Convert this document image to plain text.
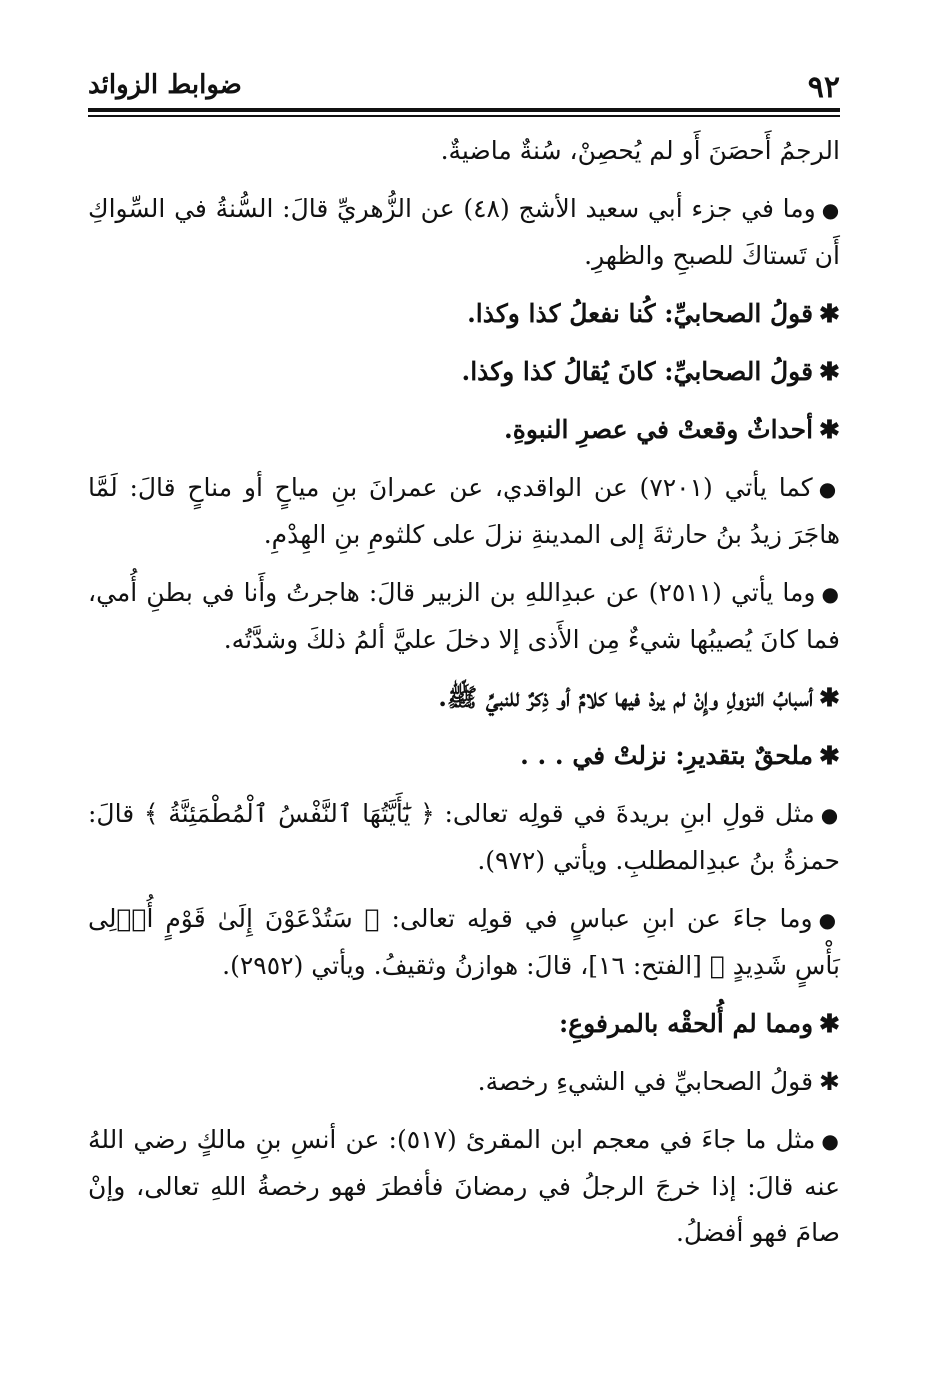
٩٢
ضوابط الزوائد

الرجمُ أَحصَنَ أَو لم يُحصِنْ، سُنةٌ ماضيةٌ.

●وما في جزء أبي سعيد الأشج (٤٨) عن الزُّهريِّ قالَ: السُّنةُ في السِّواكِ أَن تَستاكَ للصبحِ والظهرِ.

✱قولُ الصحابيِّ: كُنا نفعلُ كذا وكذا.

✱قولُ الصحابيِّ: كانَ يُقالُ كذا وكذا.

✱أحداثٌ وقعتْ في عصرِ النبوةِ.

●كما يأتي (٧٢٠١) عن الواقدي، عن عمرانَ بنِ مياحٍ أو مناحٍ قالَ: لَمَّا هاجَرَ زيدُ بنُ حارثةَ إلى المدينةِ نزلَ على كلثومِ بنِ الهِدْمِ.

●وما يأتي (٢٥١١) عن عبدِاللهِ بن الزبير قالَ: هاجرتُ وأَنا في بطنِ أُمي، فما كانَ يُصيبُها شيءٌ مِن الأَذى إلا دخلَ عليَّ ألمُ ذلكَ وشدَّتُه.

✱أسبابُ النزولِ وإِنْ لم يردْ فيها كلامٌ أو ذِكرٌ للنبيِّ ﷺ.

✱ملحقٌ بتقديرِ: نزلتْ في . . .

●مثل قولِ ابنِ بريدةَ في قولِه تعالى: ﴿ يَٰٓأَيَّتُهَا ٱلنَّفْسُ ٱلْمُطْمَئِنَّةُ ﴾ قالَ: حمزةُ بنُ عبدِالمطلبِ. ويأتي (٩٧٢).

●وما جاءَ عن ابنِ عباسٍ في قولِه تعالى: ﴿ سَتُدْعَوْنَ إِلَىٰ قَوْمٍ أُو۟لِى بَأْسٍ شَدِيدٍ ﴾ [الفتح: ١٦]، قالَ: هوازنُ وثقيفُ. ويأتي (٢٩٥٢).

✱ومما لم أُلحقْه بالمرفوعِ:

✱قولُ الصحابيِّ في الشيءِ رخصة.

●مثل ما جاءَ في معجم ابن المقرئ (٥١٧): عن أنسِ بنِ مالكٍ رضي اللهُ عنه قالَ: إذا خرجَ الرجلُ في رمضانَ فأفطرَ فهو رخصةُ اللهِ تعالى، وإنْ صامَ فهو أفضلُ.
